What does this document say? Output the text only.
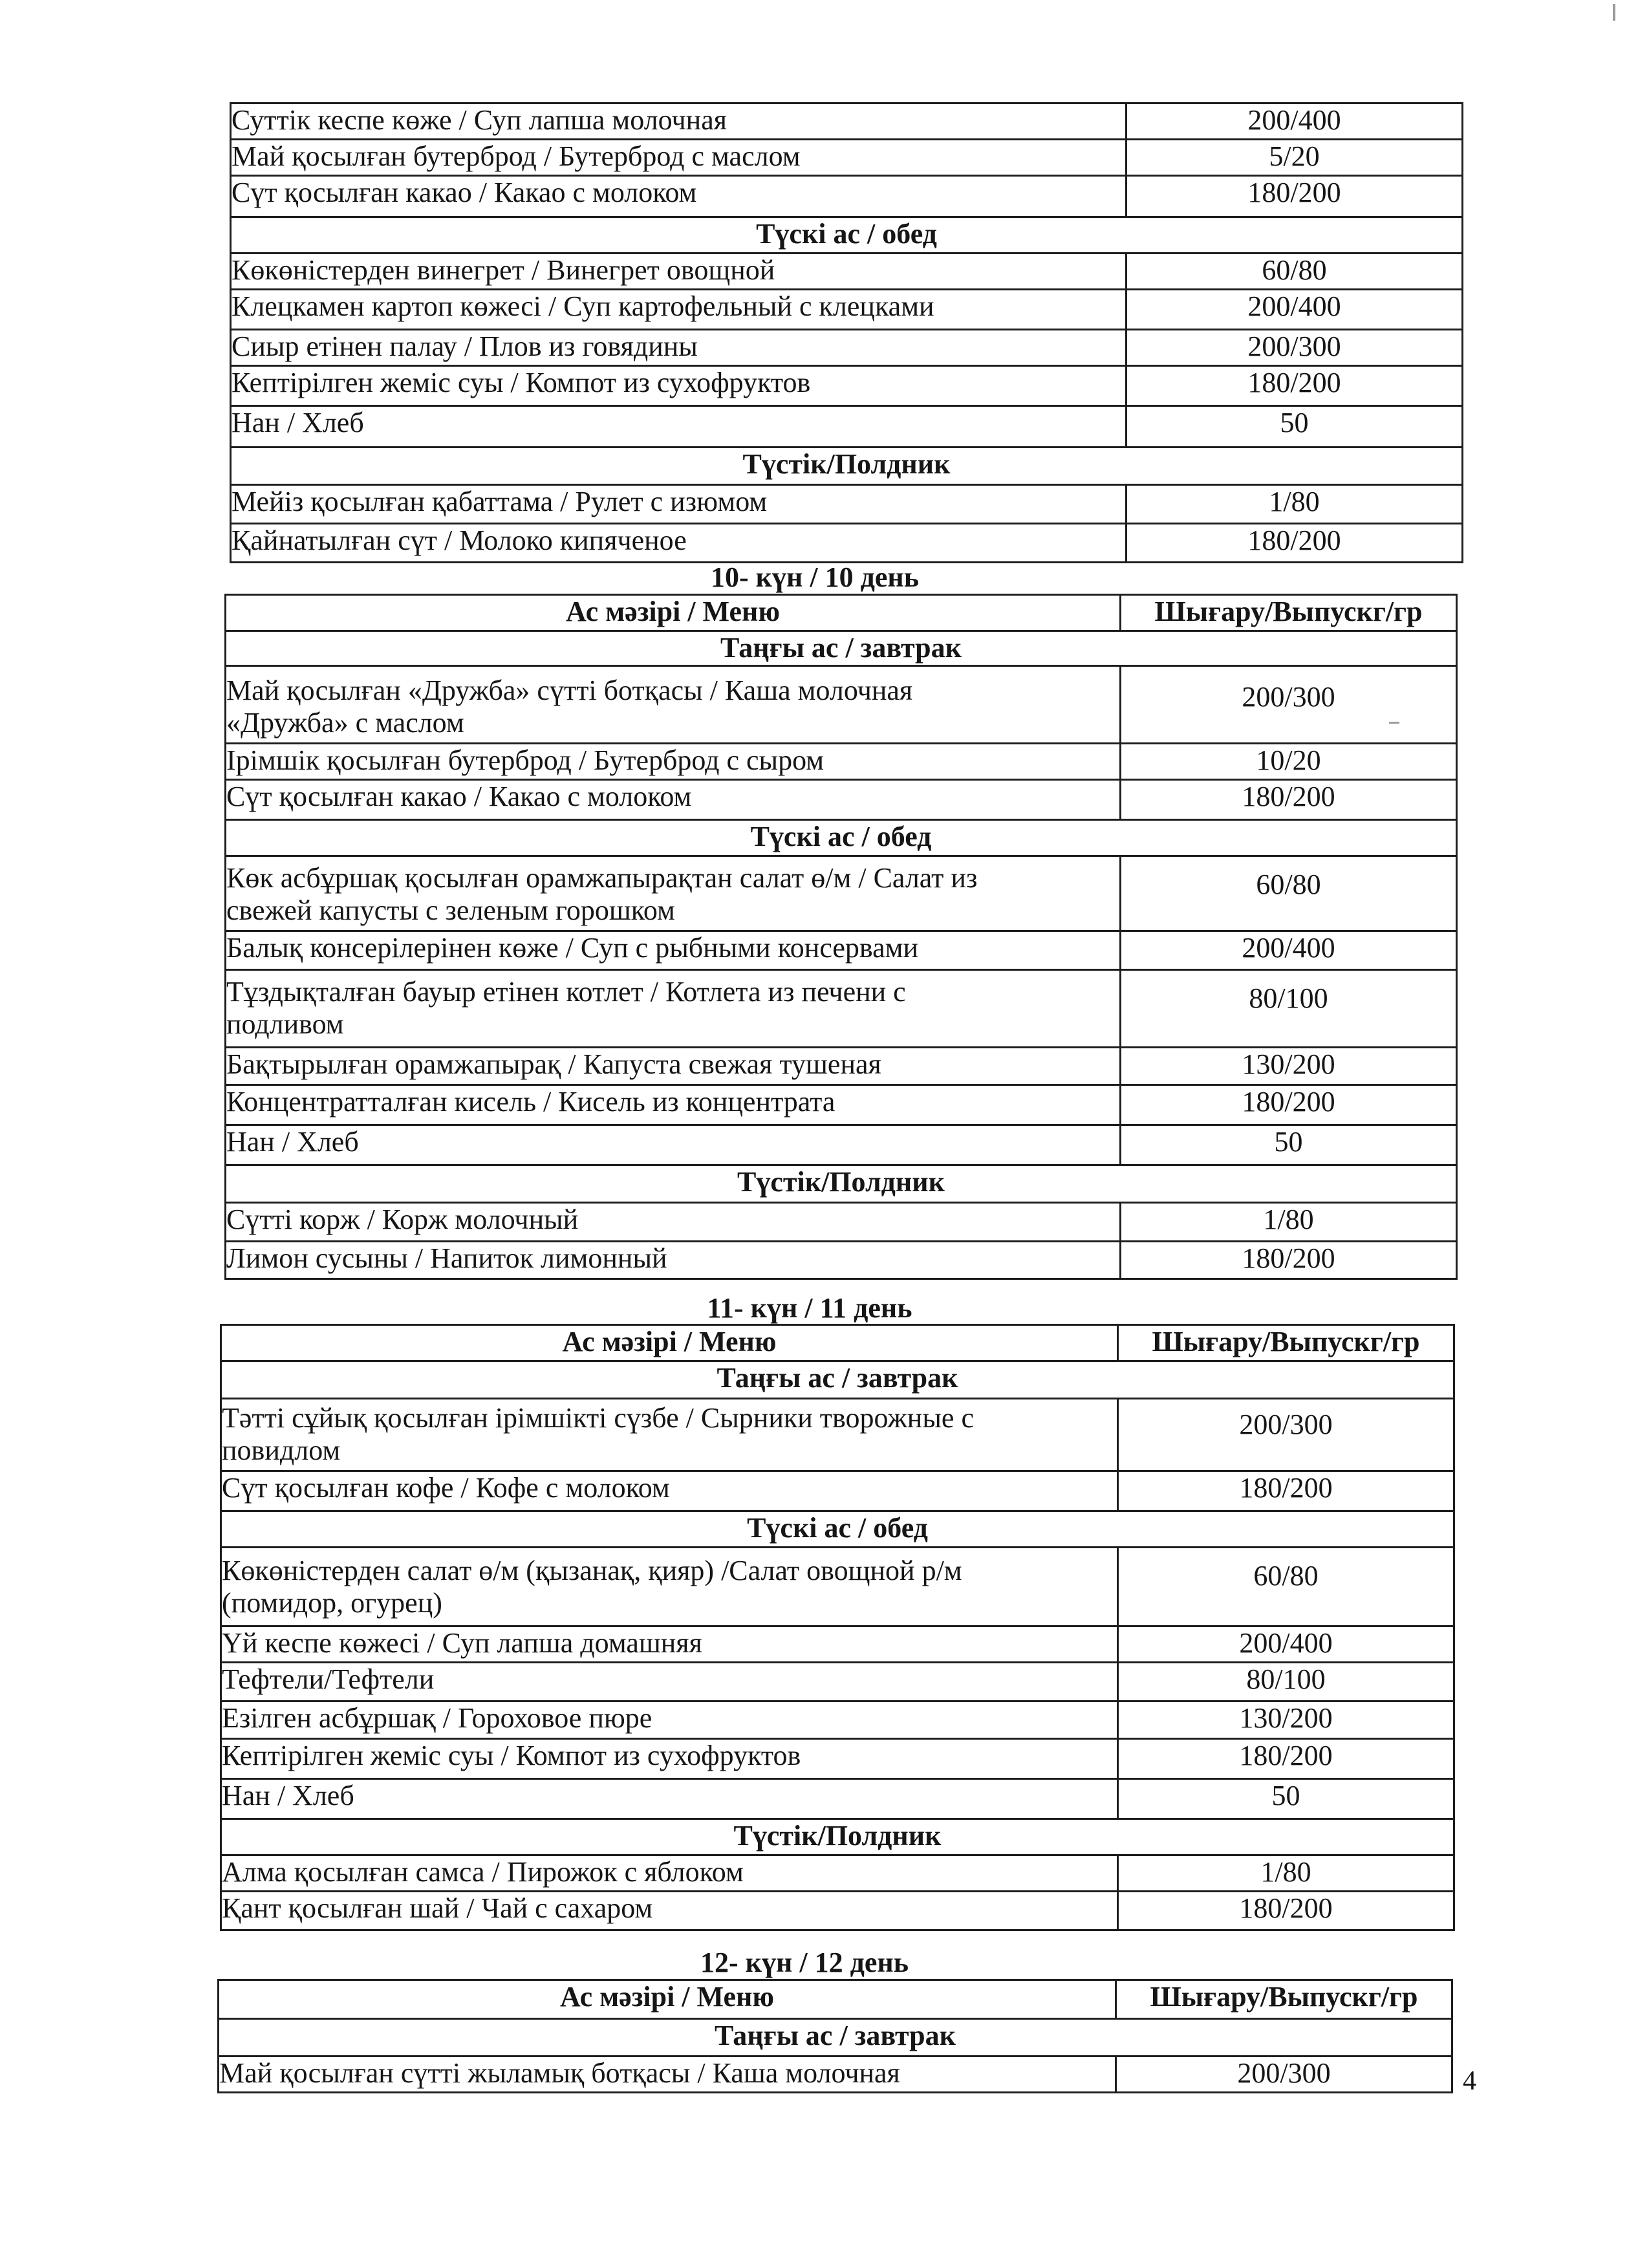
Суттік кеспе көже / Суп лапша молочная	200/400
Май қосылған бутерброд / Бутерброд с маслом	5/20
Сүт қосылған какао / Какао с молоком	180/200
Түскі ас / обед	
Көкөністерден винегрет / Винегрет овощной	60/80
Клецкамен картоп көжесі / Суп картофельный с клецками	200/400
Сиыр етінен палау / Плов из говядины	200/300
Кептірілген жеміс суы / Компот из сухофруктов	180/200
Нан / Хлеб	50
Түстік/Полдник	
Мейіз қосылған қабаттама / Рулет с изюмом	1/80
Қайнатылған сүт / Молоко кипяченое	180/200
10- күн / 10 день
Ас мәзірі / Меню	Шығару/Выпускг/гр
Таңғы ас / завтрак	

Май қосылған «Дружба» сүтті ботқасы / Каша молочная
«Дружба» с маслом	200/300
Ірімшік қосылған бутерброд / Бутерброд с сыром	10/20
Сүт қосылған какао / Какао с молоком	180/200
Түскі ас / обед	

Көк асбұршақ қосылған орамжапырақтан салат ө/м / Салат из
свежей капусты с зеленым горошком	60/80
Балық консерілерінен көже / Суп с рыбными консервами	200/400

Тұздықталған бауыр етінен котлет / Котлета из печени с
подливом	80/100
Бақтырылған орамжапырақ / Капуста свежая тушеная	130/200
Концентратталған кисель / Кисель из концентрата	180/200
Нан / Хлеб	50
Түстік/Полдник	
Сүтті корж / Корж молочный	1/80
Лимон сусыны / Напиток лимонный	180/200
11- күн / 11 день
Ас мәзірі / Меню	Шығару/Выпускг/гр
Таңғы ас / завтрак	

Тәтті сұйық қосылған ірімшікті сүзбе / Сырники творожные с
повидлом	200/300
Сүт қосылған кофе / Кофе с молоком	180/200
Түскі ас / обед	

Көкөністерден салат ө/м (қызанақ, қияр) /Салат овощной р/м
(помидор, огурец)	60/80
Үй кеспе көжесі / Суп лапша домашняя	200/400
Тефтели/Тефтели	80/100
Езілген асбұршақ / Гороховое пюре	130/200
Кептірілген жеміс суы / Компот из сухофруктов	180/200
Нан / Хлеб	50
Түстік/Полдник	
Алма қосылған самса / Пирожок с яблоком	1/80
Қант қосылған шай / Чай с сахаром	180/200
12- күн / 12 день
Ас мәзірі / Меню	Шығару/Выпускг/гр
Таңғы ас / завтрак	
Май қосылған сүтті жыламық ботқасы / Каша молочная	200/300	4
